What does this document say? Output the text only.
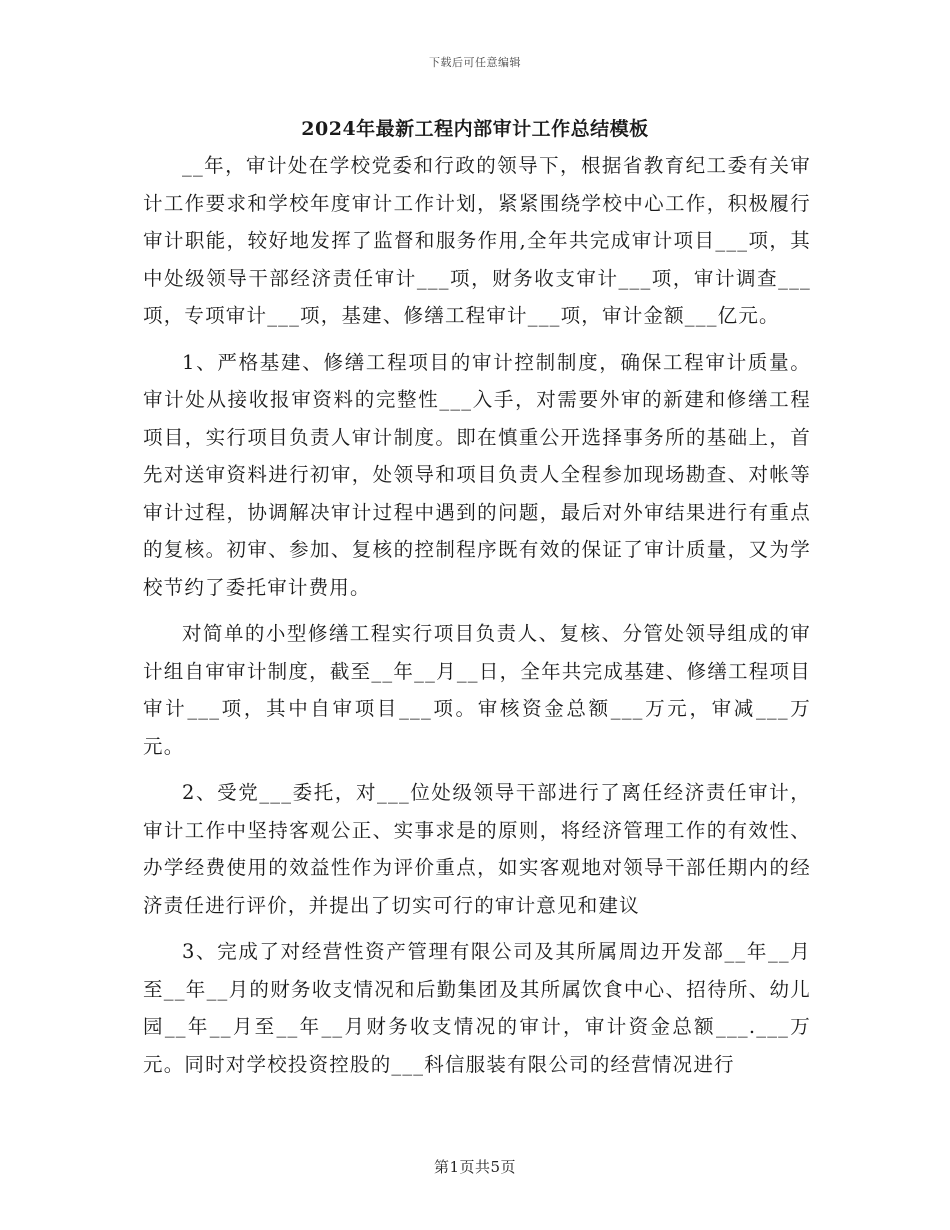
下载后可任意编辑
2024年最新工程内部审计工作总结模板

__年，审计处在学校党委和行政的领导下，根据省教育纪工委有关审计工作要求和学校年度审计工作计划，紧紧围绕学校中心工作，积极履行审计职能，较好地发挥了监督和服务作用,全年共完成审计项目___项，其中处级领导干部经济责任审计___项，财务收支审计___项，审计调查___项，专项审计___项，基建、修缮工程审计___项，审计金额___亿元。

1、严格基建、修缮工程项目的审计控制制度，确保工程审计质量。审计处从接收报审资料的完整性___入手，对需要外审的新建和修缮工程项目，实行项目负责人审计制度。即在慎重公开选择事务所的基础上，首先对送审资料进行初审，处领导和项目负责人全程参加现场勘查、对帐等审计过程，协调解决审计过程中遇到的问题，最后对外审结果进行有重点的复核。初审、参加、复核的控制程序既有效的保证了审计质量，又为学校节约了委托审计费用。

对简单的小型修缮工程实行项目负责人、复核、分管处领导组成的审计组自审审计制度，截至__年__月__日，全年共完成基建、修缮工程项目审计___项，其中自审项目___项。审核资金总额___万元，审减___万元。

2、受党___委托，对___位处级领导干部进行了离任经济责任审计，审计工作中坚持客观公正、实事求是的原则，将经济管理工作的有效性、办学经费使用的效益性作为评价重点，如实客观地对领导干部任期内的经济责任进行评价，并提出了切实可行的审计意见和建议

3、完成了对经营性资产管理有限公司及其所属周边开发部__年__月至__年__月的财务收支情况和后勤集团及其所属饮食中心、招待所、幼儿园__年__月至__年__月财务收支情况的审计，审计资金总额___.___万元。同时对学校投资控股的___科信服装有限公司的经营情况进行

第1页共5页
